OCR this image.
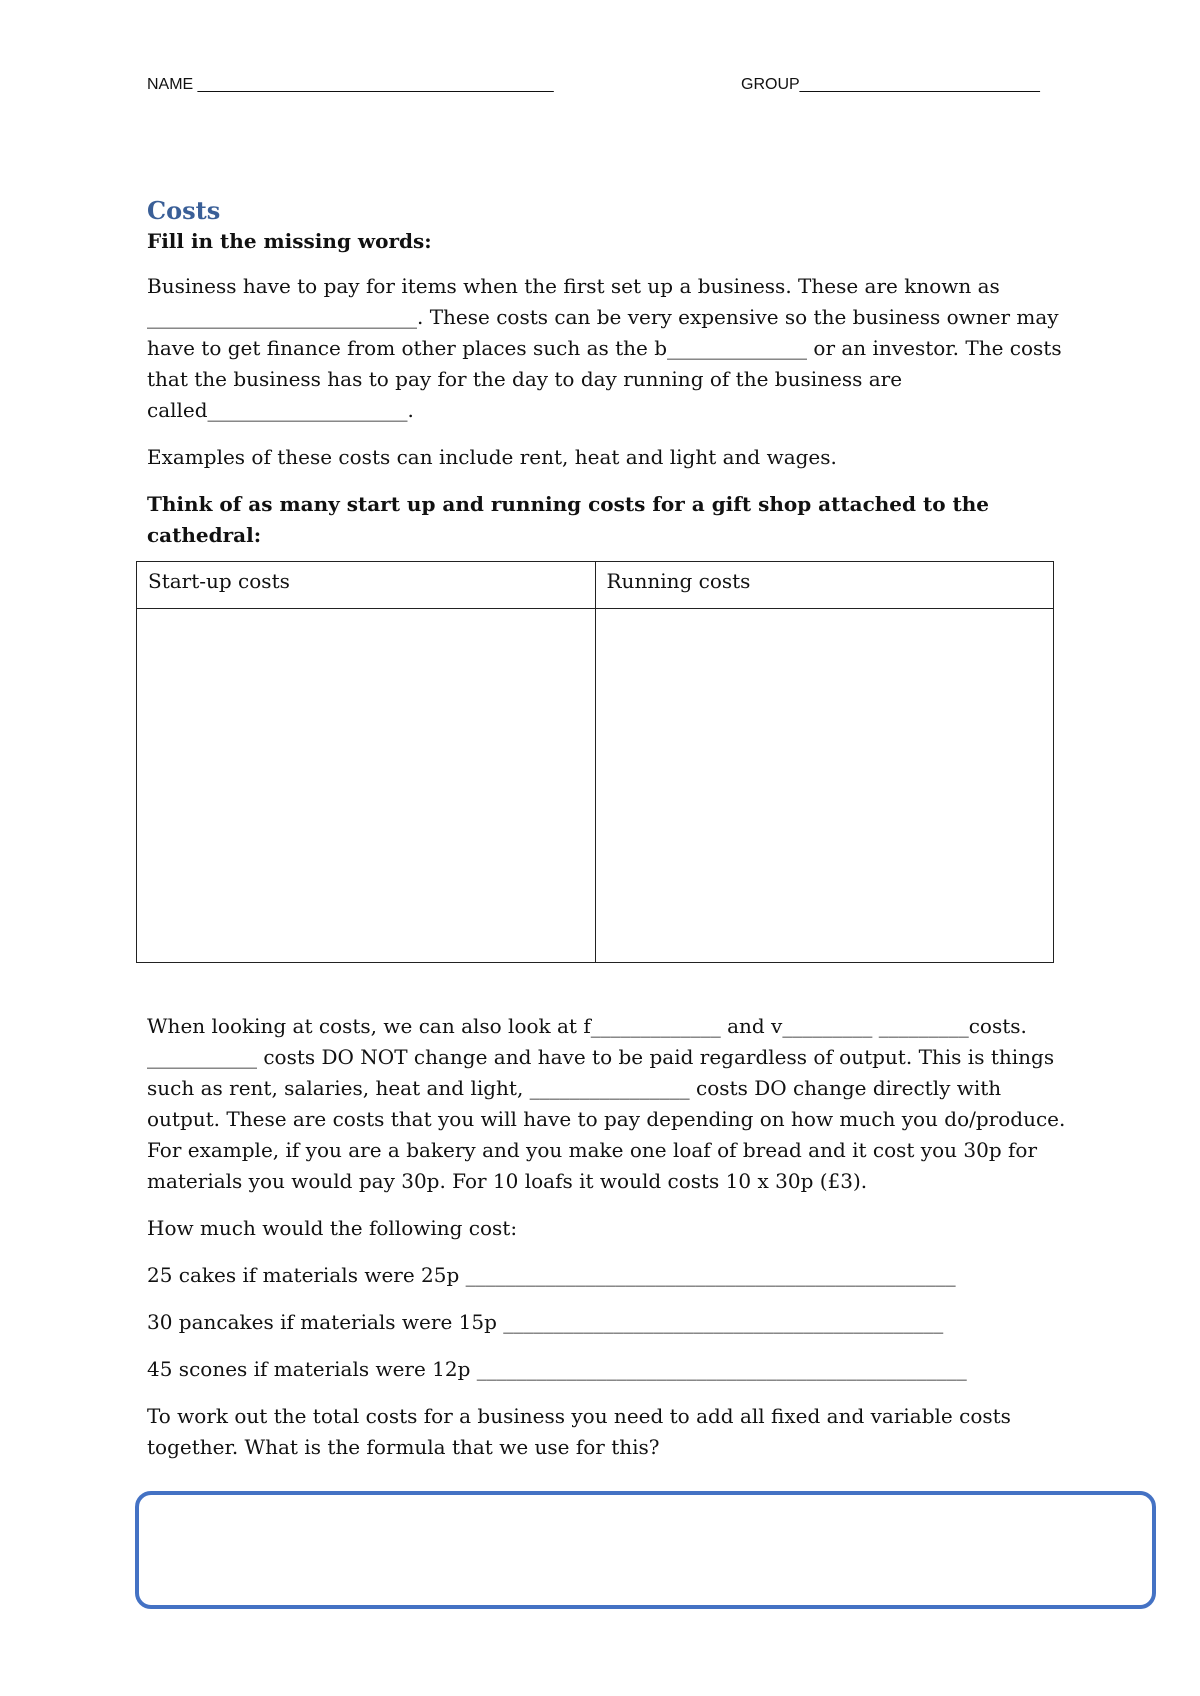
NAME ________________________________________	GROUP___________________________
Costs

Fill in the missing words:

Business have to pay for items when the first set up a business. These are known as ___________________________. These costs can be very expensive so the business owner may have to get finance from other places such as the b______________ or an investor. The costs that the business has to pay for the day to day running of the business are called____________________.

Examples of these costs can include rent, heat and light and wages.

Think of as many start up and running costs for a gift shop attached to the cathedral:

Start-up costs	Running costs

When looking at costs, we can also look at f_____________ and v_________ _________costs. ___________ costs DO NOT change and have to be paid regardless of output. This is things such as rent, salaries, heat and light, ________________ costs DO change directly with output. These are costs that you will have to pay depending on how much you do/produce. For example, if you are a bakery and you make one loaf of bread and it cost you 30p for materials you would pay 30p. For 10 loafs it would costs 10 x 30p (£3).

How much would the following cost:

25 cakes if materials were 25p _________________________________________________

30 pancakes if materials were 15p ____________________________________________

45 scones if materials were 12p _________________________________________________

To work out the total costs for a business you need to add all fixed and variable costs together. What is the formula that we use for this?
